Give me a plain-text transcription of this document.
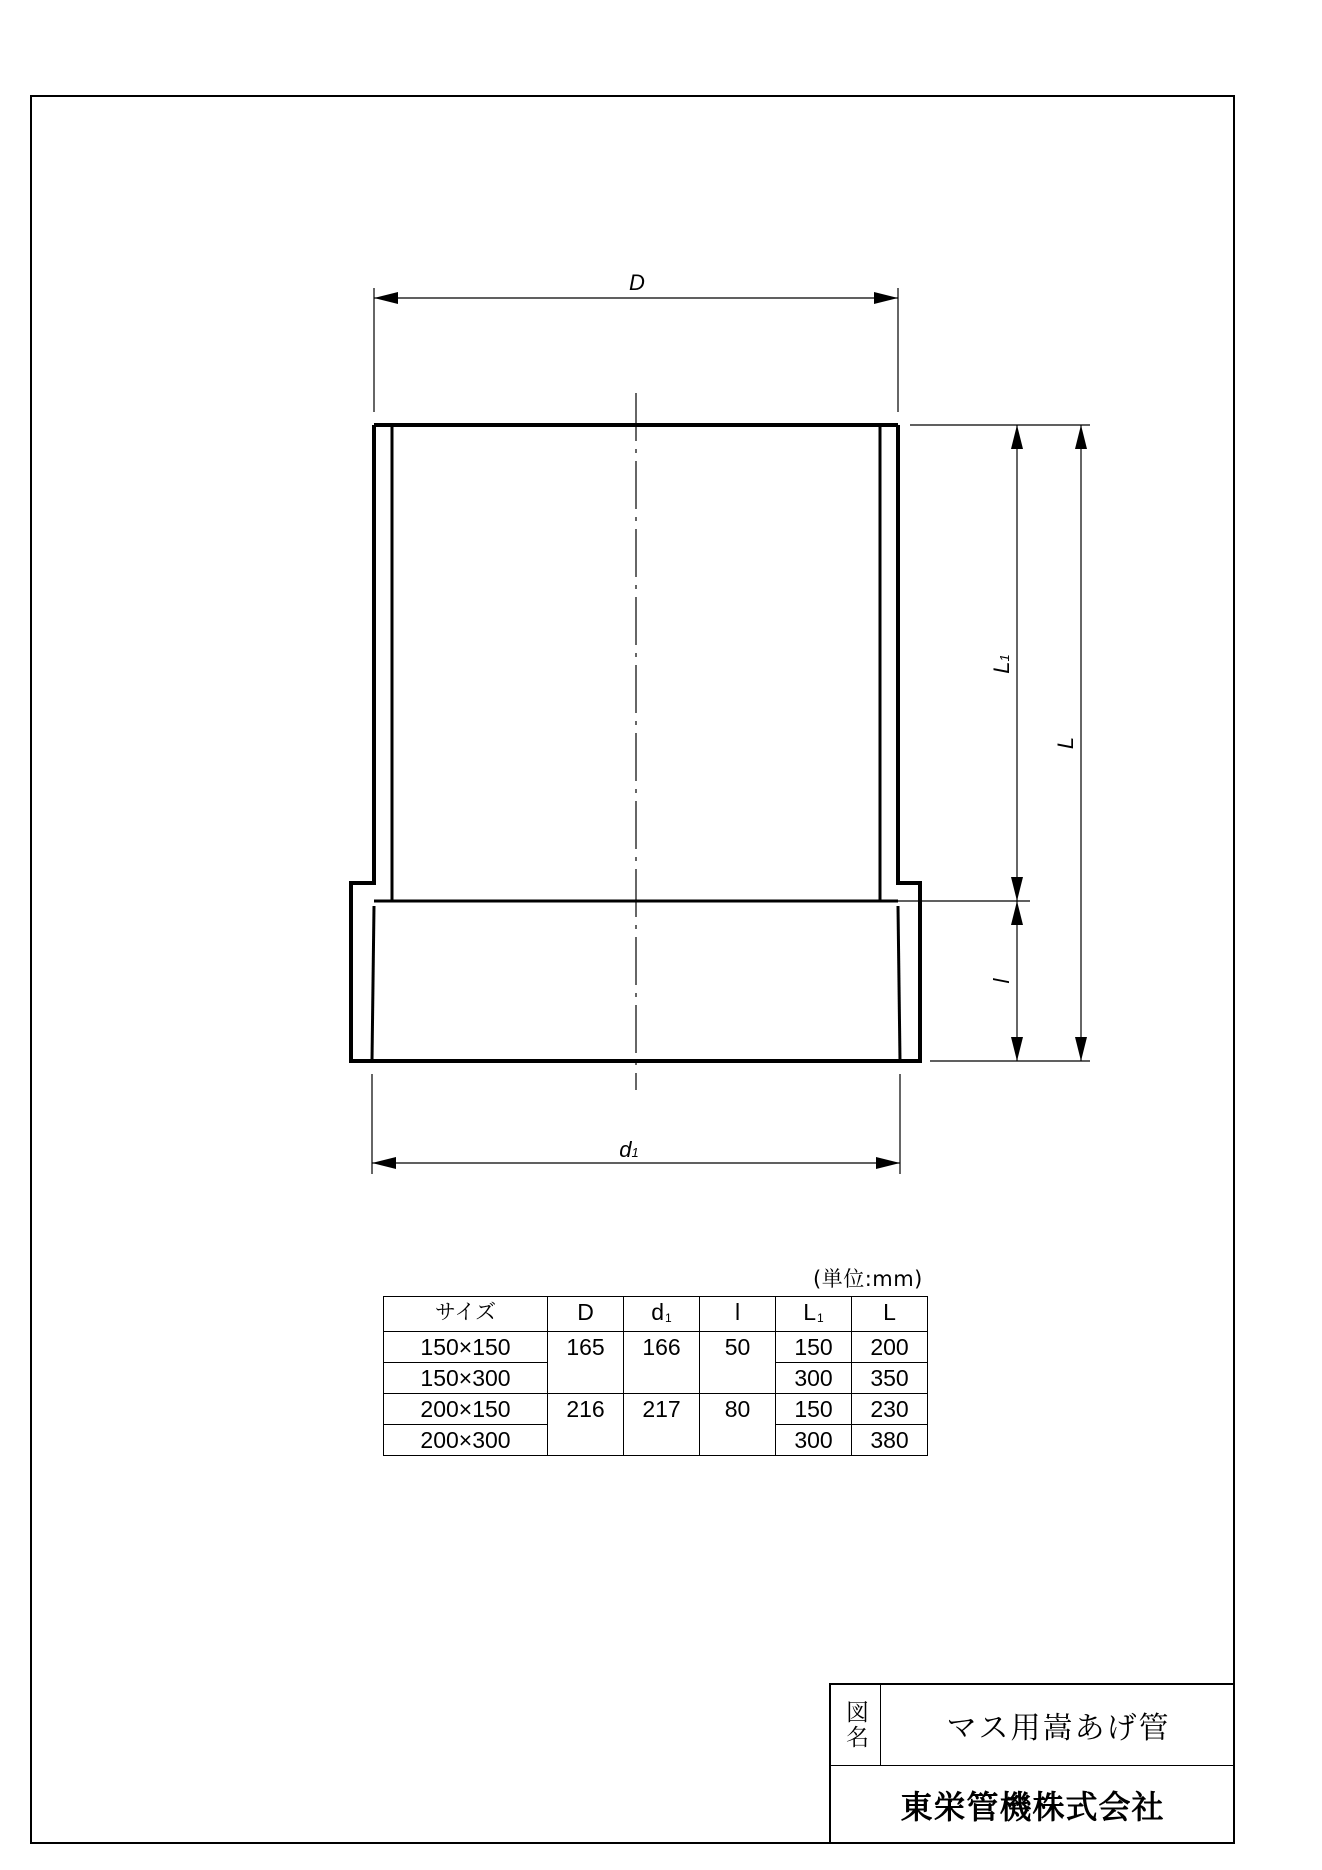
D
d1
L1
l
L
(単位:mm)
サイズ	D	$d_1$	l	$L_1$	L
150×150	165	166	50	150	200
150×300				300	350
200×150	216	217	80	150	230
200×300				300	380
図名	マス用嵩あげ管
東栄管機株式会社
